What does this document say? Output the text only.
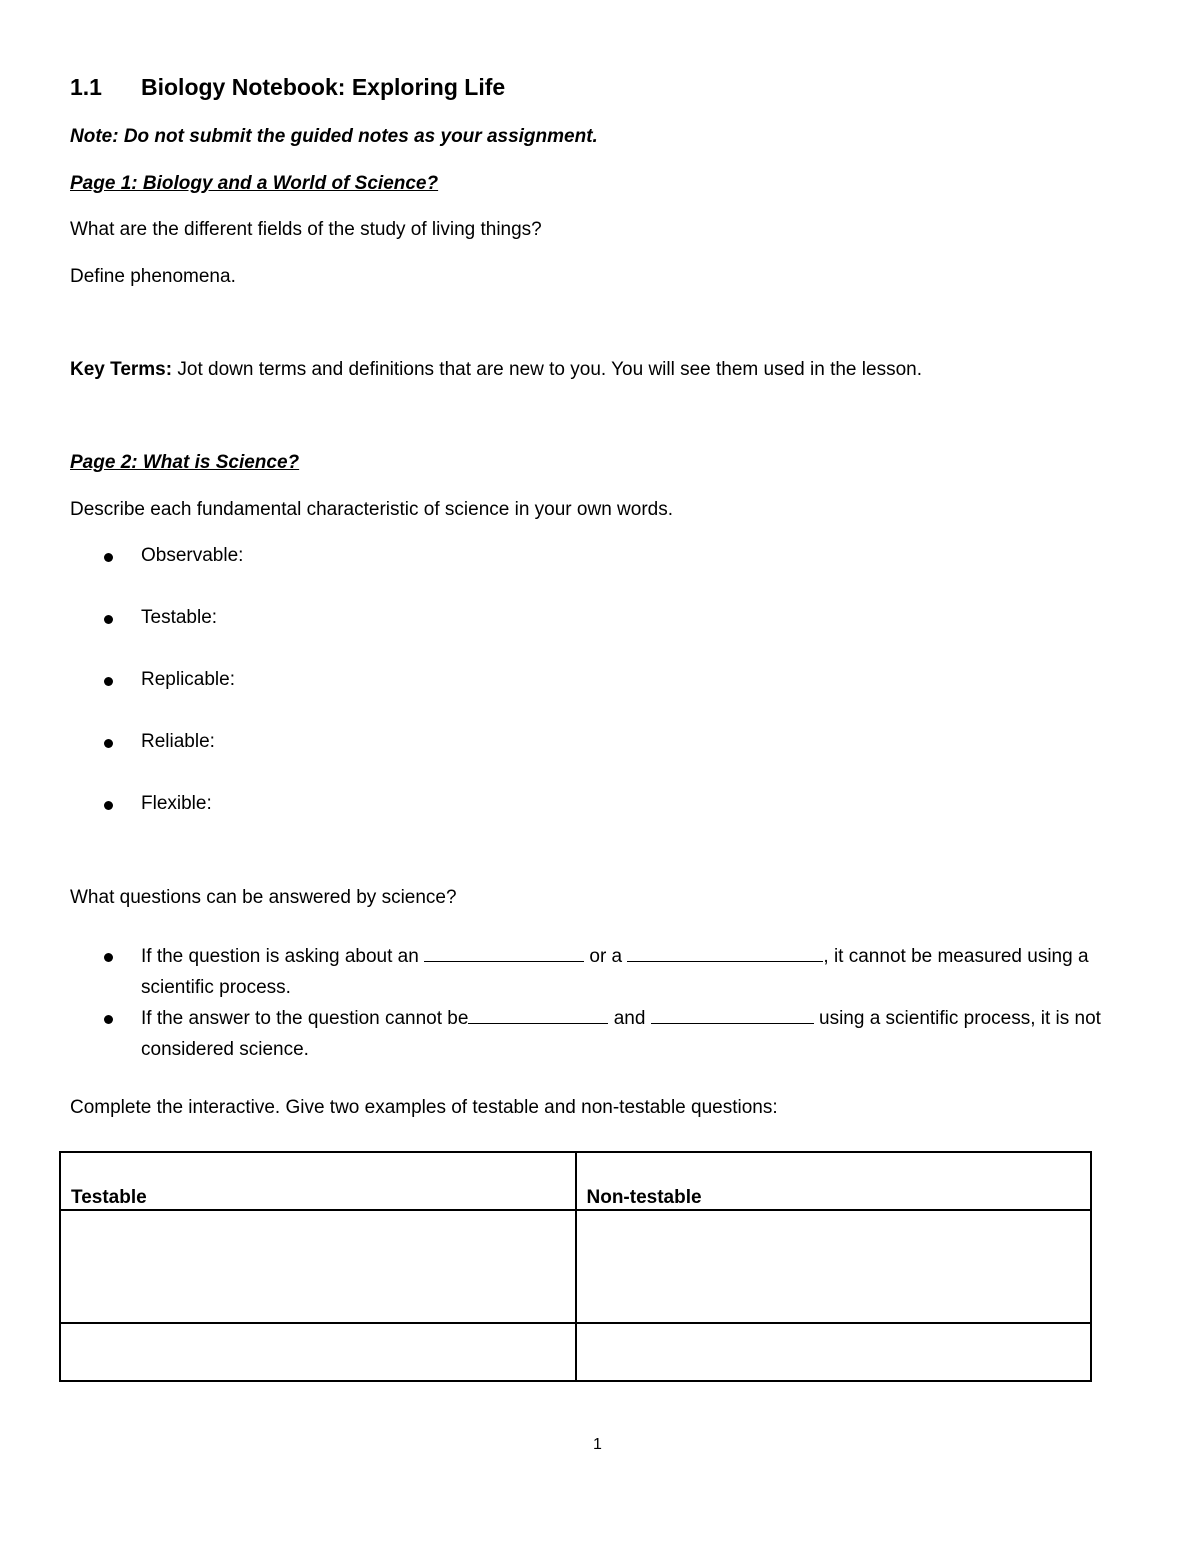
1.1 Biology Notebook: Exploring Life
Note: Do not submit the guided notes as your assignment.
Page 1: Biology and a World of Science?
What are the different fields of the study of living things?
Define phenomena.
Key Terms: Jot down terms and definitions that are new to you. You will see them used in the lesson.
Page 2: What is Science?
Describe each fundamental characteristic of science in your own words.
Observable:
Testable:
Replicable:
Reliable:
Flexible:
What questions can be answered by science?
If the question is asking about an	or a	, it cannot be measured using a scientific process.
If the answer to the question cannot be	and	using a scientific process, it is not considered science.
Complete the interactive. Give two examples of testable and non-testable questions:
Testable	Non-testable

1
